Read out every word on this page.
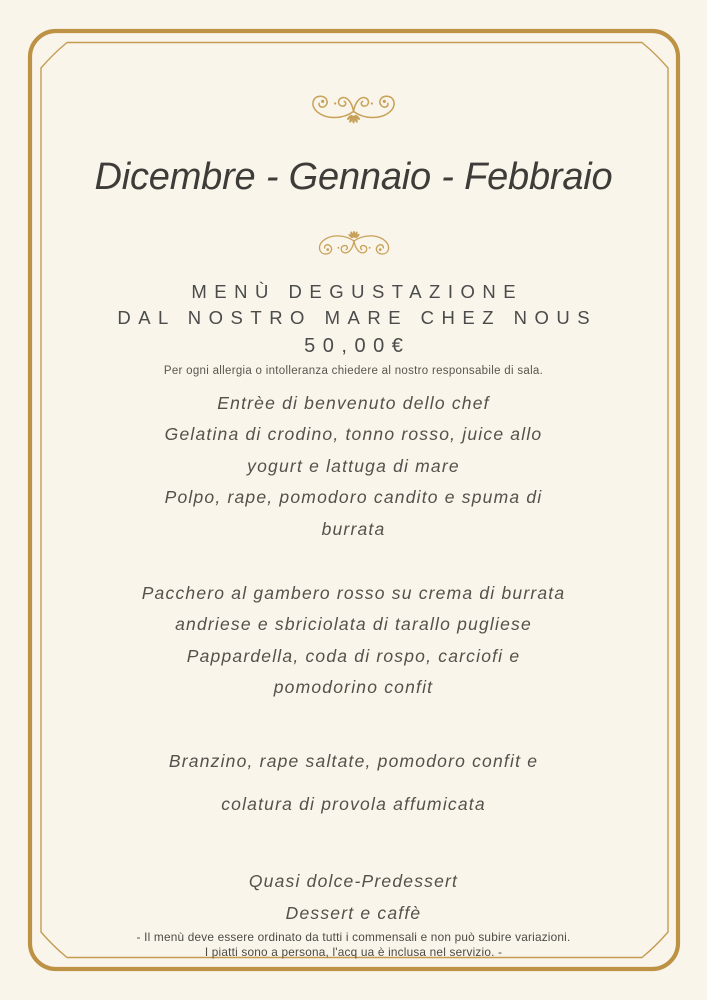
Dicembre - Gennaio - Febbraio
MENÙ DEGUSTAZIONE
DAL NOSTRO MARE CHEZ NOUS
50,00€
Per ogni allergia o intolleranza chiedere al nostro responsabile di sala.
Entrèe di benvenuto dello chef
Gelatina di crodino, tonno rosso, juice allo
yogurt e lattuga di mare
Polpo, rape, pomodoro candito e spuma di
burrata
Pacchero al gambero rosso su crema di burrata
andriese e sbriciolata di tarallo pugliese
Pappardella, coda di rospo, carciofi e
pomodorino confit
Branzino, rape saltate, pomodoro confit e
colatura di provola affumicata
Quasi dolce-Predessert
Dessert e caffè
- Il menù deve essere ordinato da tutti i commensali e non può subire variazioni.
I piatti sono a persona, l'acq ua è inclusa nel servizio. -
